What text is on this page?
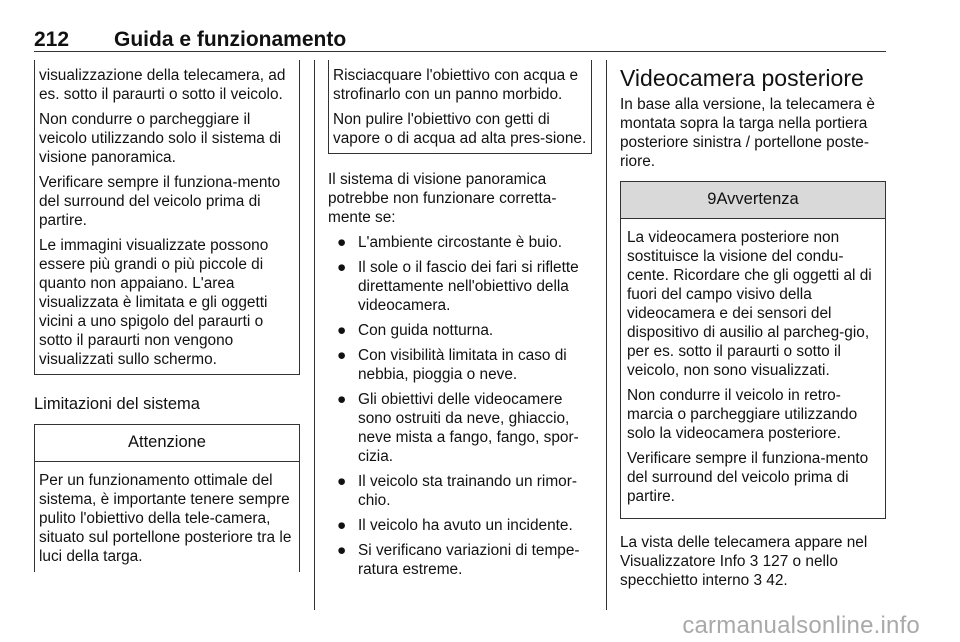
212 Guida e funzionamento

visualizzazione della telecamera, ad es. sotto il paraurti o sotto il veicolo.

Non condurre o parcheggiare il veicolo utilizzando solo il sistema di visione panoramica.

Verificare sempre il funziona-mento del surround del veicolo prima di partire.

Le immagini visualizzate possono essere più grandi o più piccole di quanto non appaiano. L'area visualizzata è limitata e gli oggetti vicini a uno spigolo del paraurti o sotto il paraurti non vengono visualizzati sullo schermo.

Limitazioni del sistema
Attenzione

Per un funzionamento ottimale del sistema, è importante tenere sempre pulito l'obiettivo della tele-camera, situato sul portellone posteriore tra le luci della targa.

Risciacquare l'obiettivo con acqua e strofinarlo con un panno morbido.

Non pulire l'obiettivo con getti di vapore o di acqua ad alta pres-sione.

Il sistema di visione panoramica potrebbe non funzionare corretta-mente se:

● L'ambiente circostante è buio.
● Il sole o il fascio dei fari si riflette direttamente nell'obiettivo della videocamera.
● Con guida notturna.
● Con visibilità limitata in caso di nebbia, pioggia o neve.
● Gli obiettivi delle videocamere sono ostruiti da neve, ghiaccio, neve mista a fango, fango, spor-cizia.
● Il veicolo sta trainando un rimor-chio.
● Il veicolo ha avuto un incidente.
● Si verificano variazioni di tempe-ratura estreme.
Videocamera posteriore

In base alla versione, la telecamera è montata sopra la targa nella portiera posteriore sinistra / portellone poste-riore.

9Avvertenza

La videocamera posteriore non sostituisce la visione del condu-cente. Ricordare che gli oggetti al di fuori del campo visivo della videocamera e dei sensori del dispositivo di ausilio al parcheg-gio, per es. sotto il paraurti o sotto il veicolo, non sono visualizzati.

Non condurre il veicolo in retro-marcia o parcheggiare utilizzando solo la videocamera posteriore.

Verificare sempre il funziona-mento del surround del veicolo prima di partire.

La vista delle telecamera appare nel Visualizzatore Info 3 127 o nello specchietto interno 3 42.

carmanualsonline.info
